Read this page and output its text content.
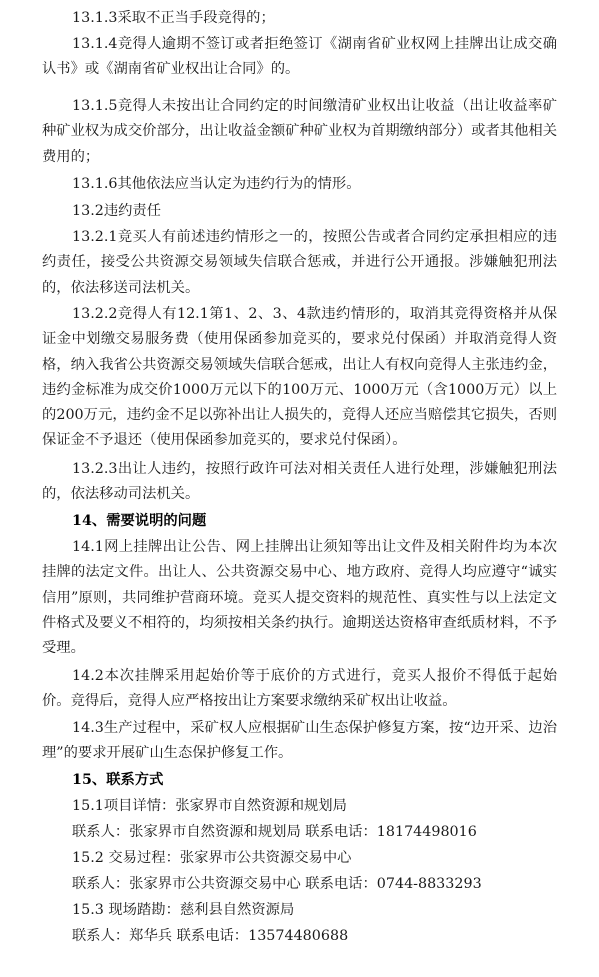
13.1.3采取不正当手段竞得的；

13.1.4竞得人逾期不签订或者拒绝签订《湖南省矿业权网上挂牌出让成交确认书》或《湖南省矿业权出让合同》的。

13.1.5竞得人未按出让合同约定的时间缴清矿业权出让收益（出让收益率矿种矿业权为成交价部分，出让收益金额矿种矿业权为首期缴纳部分）或者其他相关费用的；

13.1.6其他依法应当认定为违约行为的情形。

13.2违约责任

13.2.1竞买人有前述违约情形之一的，按照公告或者合同约定承担相应的违约责任，接受公共资源交易领域失信联合惩戒，并进行公开通报。涉嫌触犯刑法的，依法移送司法机关。

13.2.2竞得人有12.1第1、2、3、4款违约情形的，取消其竞得资格并从保证金中划缴交易服务费（使用保函参加竞买的，要求兑付保函）并取消竞得人资格，纳入我省公共资源交易领域失信联合惩戒，出让人有权向竞得人主张违约金，违约金标准为成交价1000万元以下的100万元、1000万元（含1000万元）以上的200万元，违约金不足以弥补出让人损失的，竞得人还应当赔偿其它损失，否则保证金不予退还（使用保函参加竞买的，要求兑付保函）。

13.2.3出让人违约，按照行政许可法对相关责任人进行处理，涉嫌触犯刑法的，依法移动司法机关。

14、需要说明的问题

14.1网上挂牌出让公告、网上挂牌出让须知等出让文件及相关附件均为本次挂牌的法定文件。出让人、公共资源交易中心、地方政府、竞得人均应遵守“诚实信用”原则，共同维护营商环境。竞买人提交资料的规范性、真实性与以上法定文件格式及要义不相符的，均须按相关条约执行。逾期送达资格审查纸质材料，不予受理。

14.2本次挂牌采用起始价等于底价的方式进行，竞买人报价不得低于起始价。竞得后，竞得人应严格按出让方案要求缴纳采矿权出让收益。

14.3生产过程中，采矿权人应根据矿山生态保护修复方案，按“边开采、边治理”的要求开展矿山生态保护修复工作。

15、联系方式

15.1项目详情：张家界市自然资源和规划局

联系人：张家界市自然资源和规划局 联系电话：18174498016

15.2 交易过程：张家界市公共资源交易中心

联系人：张家界市公共资源交易中心 联系电话：0744-8833293

15.3 现场踏勘：慈利县自然资源局

联系人：郑华兵 联系电话：13574480688
